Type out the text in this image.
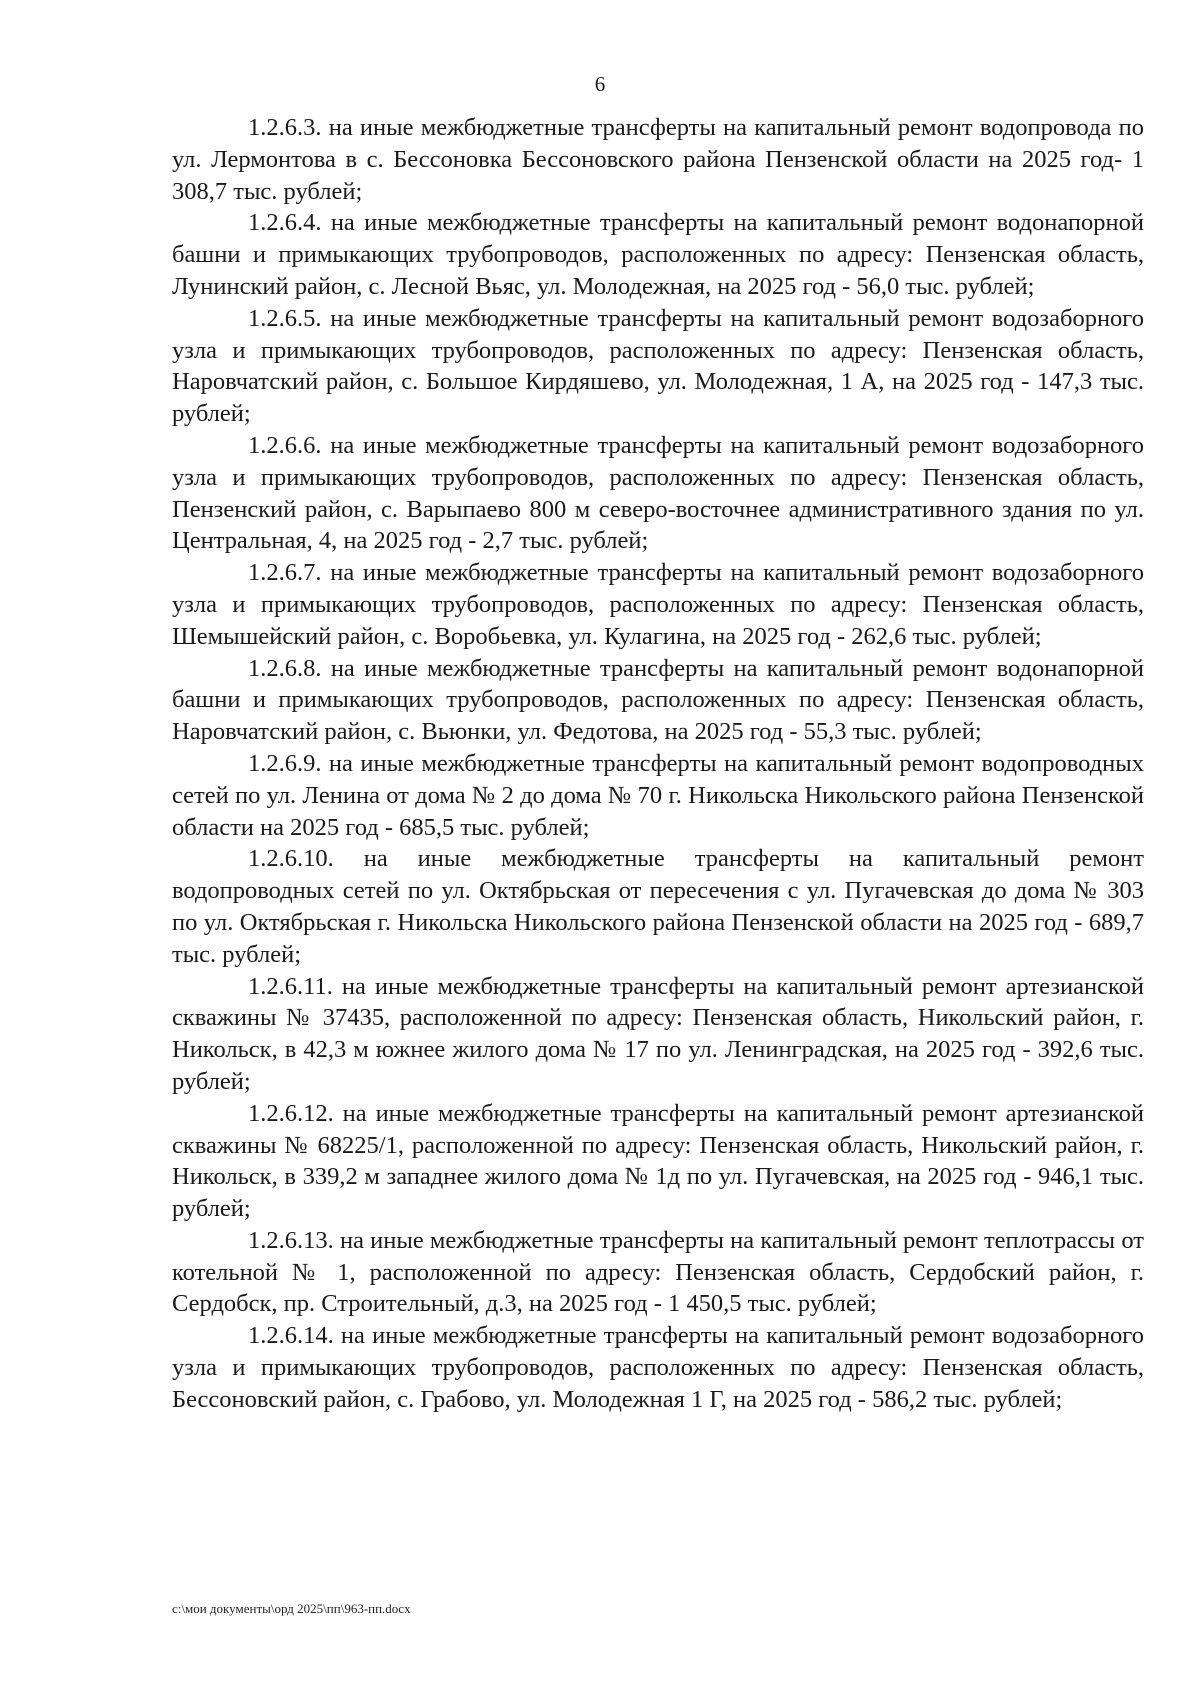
6

1.2.6.3. на иные межбюджетные трансферты на капитальный ремонт водопровода по ул. Лермонтова в с. Бессоновка Бессоновского района Пензенской области на 2025 год- 1 308,7 тыс. рублей;

1.2.6.4. на иные межбюджетные трансферты на капитальный ремонт водонапорной башни и примыкающих трубопроводов, расположенных по адресу: Пензенская область, Лунинский район, с. Лесной Вьяс, ул. Молодежная, на 2025 год - 56,0 тыс. рублей;

1.2.6.5. на иные межбюджетные трансферты на капитальный ремонт водозаборного узла и примыкающих трубопроводов, расположенных по адресу: Пензенская область, Наровчатский район, с. Большое Кирдяшево, ул. Молодежная, 1 А, на 2025 год - 147,3 тыс. рублей;

1.2.6.6. на иные межбюджетные трансферты на капитальный ремонт водозаборного узла и примыкающих трубопроводов, расположенных по адресу: Пензенская область, Пензенский район, с. Варыпаево 800 м северо-восточнее административного здания по ул. Центральная, 4, на 2025 год - 2,7 тыс. рублей;

1.2.6.7. на иные межбюджетные трансферты на капитальный ремонт водозаборного узла и примыкающих трубопроводов, расположенных по адресу: Пензенская область, Шемышейский район, с. Воробьевка, ул. Кулагина, на 2025 год - 262,6 тыс. рублей;

1.2.6.8. на иные межбюджетные трансферты на капитальный ремонт водонапорной башни и примыкающих трубопроводов, расположенных по адресу: Пензенская область, Наровчатский район, с. Вьюнки, ул. Федотова, на 2025 год - 55,3 тыс. рублей;

1.2.6.9. на иные межбюджетные трансферты на капитальный ремонт водопроводных сетей по ул. Ленина от дома № 2 до дома № 70 г. Никольска Никольского района Пензенской области на 2025 год - 685,5 тыс. рублей;

1.2.6.10. на иные межбюджетные трансферты на капитальный ремонт водопроводных сетей по ул. Октябрьская от пересечения с ул. Пугачевская до дома № 303 по ул. Октябрьская г. Никольска Никольского района Пензенской области на 2025 год - 689,7 тыс. рублей;

1.2.6.11. на иные межбюджетные трансферты на капитальный ремонт артезианской скважины № 37435, расположенной по адресу: Пензенская область, Никольский район, г. Никольск, в 42,3 м южнее жилого дома № 17 по ул. Ленинградская, на 2025 год - 392,6 тыс. рублей;

1.2.6.12. на иные межбюджетные трансферты на капитальный ремонт артезианской скважины № 68225/1, расположенной по адресу: Пензенская область, Никольский район, г. Никольск, в 339,2 м западнее жилого дома № 1д по ул. Пугачевская, на 2025 год - 946,1 тыс. рублей;

1.2.6.13. на иные межбюджетные трансферты на капитальный ремонт теплотрассы от котельной № 1, расположенной по адресу: Пензенская область, Сердобский район, г. Сердобск, пр. Строительный, д.3, на 2025 год - 1 450,5 тыс. рублей;

1.2.6.14. на иные межбюджетные трансферты на капитальный ремонт водозаборного узла и примыкающих трубопроводов, расположенных по адресу: Пензенская область, Бессоновский район, с. Грабово, ул. Молодежная 1 Г, на 2025 год - 586,2 тыс. рублей;

c:\мои документы\орд 2025\пп\963-пп.docx
